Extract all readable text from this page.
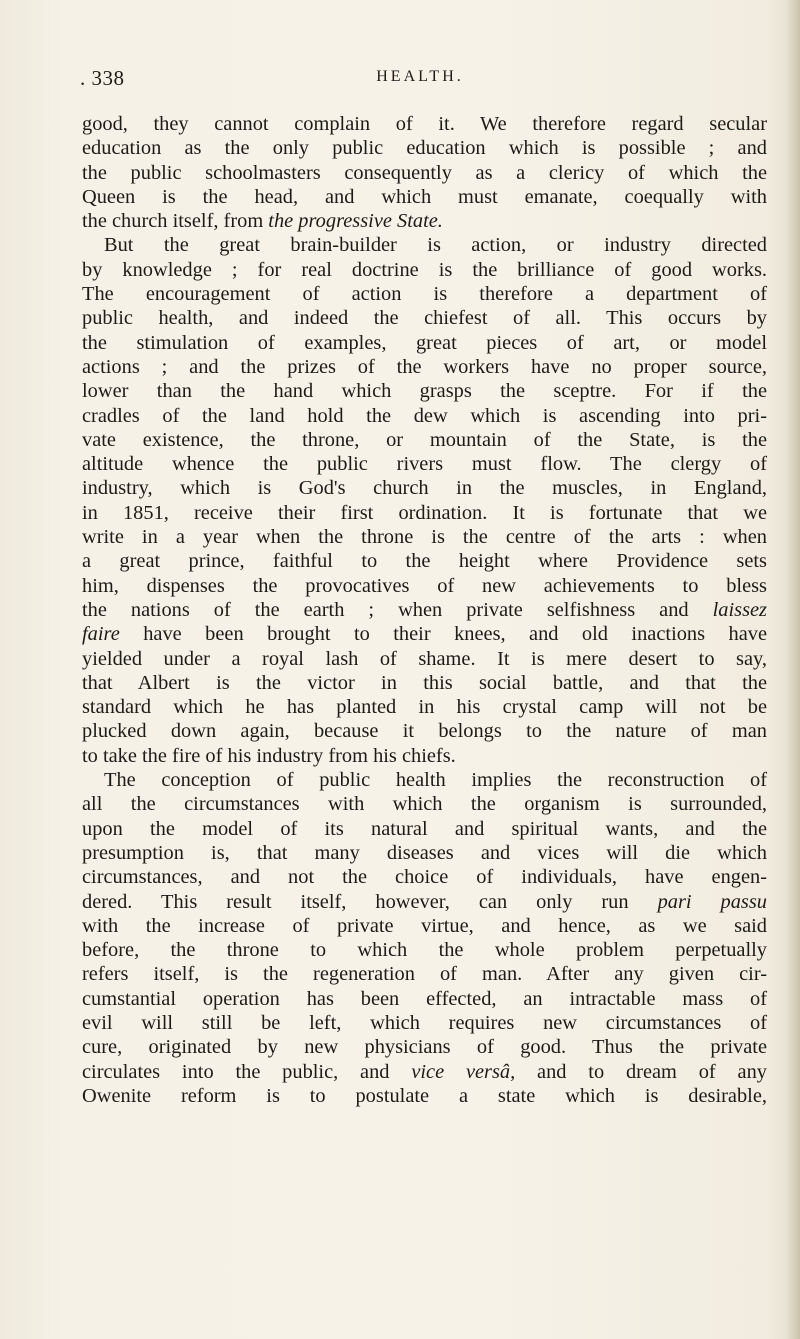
. 338	HEALTH.
good, they cannot complain of it. We therefore regard secular
education as the only public education which is possible ; and
the public schoolmasters consequently as a clericy of which the
Queen is the head, and which must emanate, coequally with
the church itself, from the progressive State.
But the great brain-builder is action, or industry directed
by knowledge ; for real doctrine is the brilliance of good works.
The encouragement of action is therefore a department of
public health, and indeed the chiefest of all. This occurs by
the stimulation of examples, great pieces of art, or model
actions ; and the prizes of the workers have no proper source,
lower than the hand which grasps the sceptre. For if the
cradles of the land hold the dew which is ascending into pri-
vate existence, the throne, or mountain of the State, is the
altitude whence the public rivers must flow. The clergy of
industry, which is God's church in the muscles, in England,
in 1851, receive their first ordination. It is fortunate that we
write in a year when the throne is the centre of the arts : when
a great prince, faithful to the height where Providence sets
him, dispenses the provocatives of new achievements to bless
the nations of the earth ; when private selfishness and laissez
faire have been brought to their knees, and old inactions have
yielded under a royal lash of shame. It is mere desert to say,
that Albert is the victor in this social battle, and that the
standard which he has planted in his crystal camp will not be
plucked down again, because it belongs to the nature of man
to take the fire of his industry from his chiefs.
The conception of public health implies the reconstruction of
all the circumstances with which the organism is surrounded,
upon the model of its natural and spiritual wants, and the
presumption is, that many diseases and vices will die which
circumstances, and not the choice of individuals, have engen-
dered. This result itself, however, can only run pari passu
with the increase of private virtue, and hence, as we said
before, the throne to which the whole problem perpetually
refers itself, is the regeneration of man. After any given cir-
cumstantial operation has been effected, an intractable mass of
evil will still be left, which requires new circumstances of
cure, originated by new physicians of good. Thus the private
circulates into the public, and vice versâ, and to dream of any
Owenite reform is to postulate a state which is desirable,
